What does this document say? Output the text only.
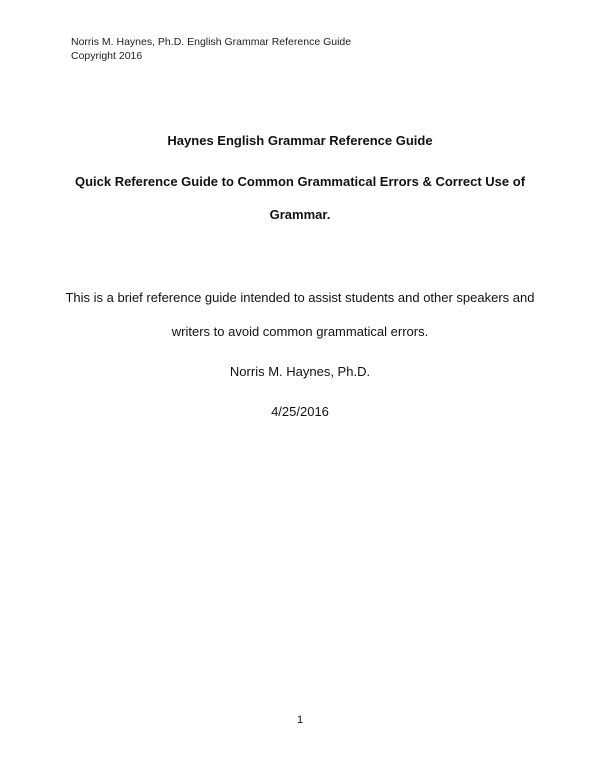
Norris M. Haynes, Ph.D. English Grammar Reference Guide
Copyright 2016
Haynes English Grammar Reference Guide
Quick Reference Guide to Common Grammatical Errors & Correct Use of
Grammar.
This is a brief reference guide intended to assist students and other speakers and
writers to avoid common grammatical errors.
Norris M. Haynes, Ph.D.
4/25/2016
1
